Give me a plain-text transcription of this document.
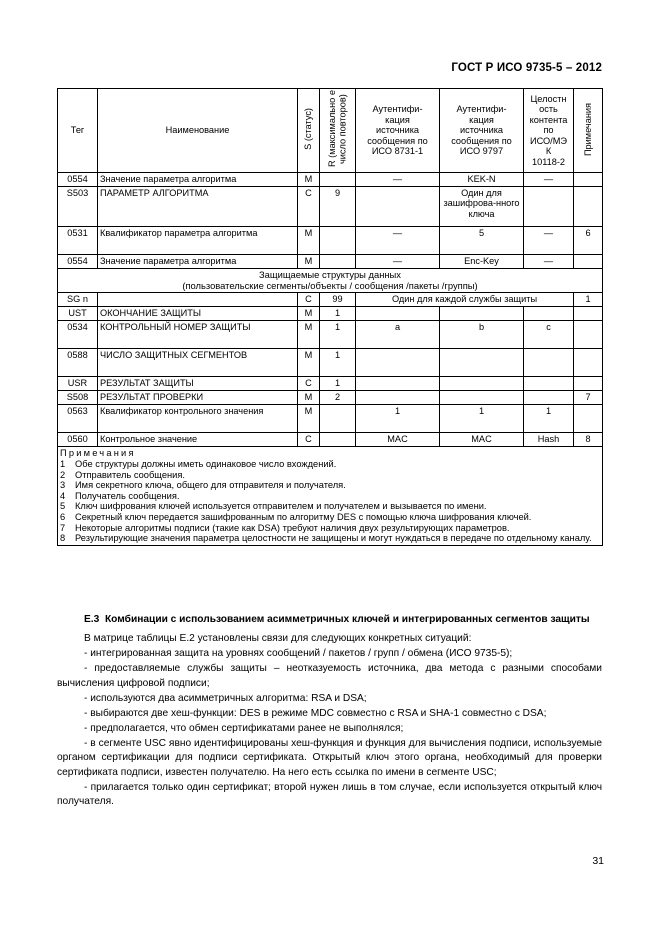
ГОСТ Р ИСО 9735-5 – 2012
Тег	Наименование	S (статус)	R (максимально е число повторов)	Аутентифи-
кация
источника
сообщения по
ИСО 8731-1	Аутентифи-
кация
источника
сообщения по
ИСО 9797	Целостн
ость
контента
по
ИСО/МЭ
К
10118-2	Примечания
0554	Значение параметра алгоритма	M		—	KEK-N	—	
S503	ПАРАМЕТР АЛГОРИТМА	C	9		Один для зашифрова-нного ключа		
0531	Квалификатор параметра алгоритма	M		—	5	—	6
0554	Значение параметра алгоритма	M		—	Enc-Key	—	
Защищаемые структуры данных
(пользовательские сегменты/объекты / сообщения /пакеты /группы)							
SG n		C	99	Один для каждой службы защиты			1
UST	ОКОНЧАНИЕ ЗАЩИТЫ	M	1				
0534	КОНТРОЛЬНЫЙ НОМЕР ЗАЩИТЫ	M	1	a	b	c	
0588	ЧИСЛО ЗАЩИТНЫХ СЕГМЕНТОВ	M	1				
USR	РЕЗУЛЬТАТ ЗАЩИТЫ	C	1				
S508	РЕЗУЛЬТАТ ПРОВЕРКИ	M	2				7
0563	Квалификатор контрольного значения	M		1	1	1	
0560	Контрольное значение	C		MAC	MAC	Hash	8

Примечания
1	Обе структуры должны иметь одинаковое число вхождений.
2	Отправитель сообщения.
3	Имя секретного ключа, общего для отправителя и получателя.
4	Получатель сообщения.
5	Ключ шифрования ключей используется отправителем и получателем и вызывается по имени.
6	Секретный ключ передается зашифрованным по алгоритму DES с помощью ключа шифрования ключей.
7	Некоторые алгоритмы подписи (такие как DSA) требуют наличия двух результирующих параметров.
8	Результирующие значения параметра целостности не защищены и могут нуждаться в передаче по отдельному каналу.
Е.3 Комбинации с использованием асимметричных ключей и интегрированных сегментов защиты

В матрице таблицы Е.2 установлены связи для следующих конкретных ситуаций:

- интегрированная защита на уровнях сообщений / пакетов / групп / обмена (ИСО 9735-5);

- предоставляемые службы защиты – неотказуемость источника, два метода с разными способами вычисления цифровой подписи;

- используются два асимметричных алгоритма: RSA и DSA;

- выбираются две хеш-функции: DES в режиме MDC совместно с RSA и SHA-1 совместно с DSA;

- предполагается, что обмен сертификатами ранее не выполнялся;

- в сегменте USC явно идентифицированы хеш-функция и функция для вычисления подписи, используемые органом сертификации для подписи сертификата. Открытый ключ этого органа, необходимый для проверки сертификата подписи, известен получателю. На него есть ссылка по имени в сегменте USC;

- прилагается только один сертификат; второй нужен лишь в том случае, если используется открытый ключ получателя.

31
